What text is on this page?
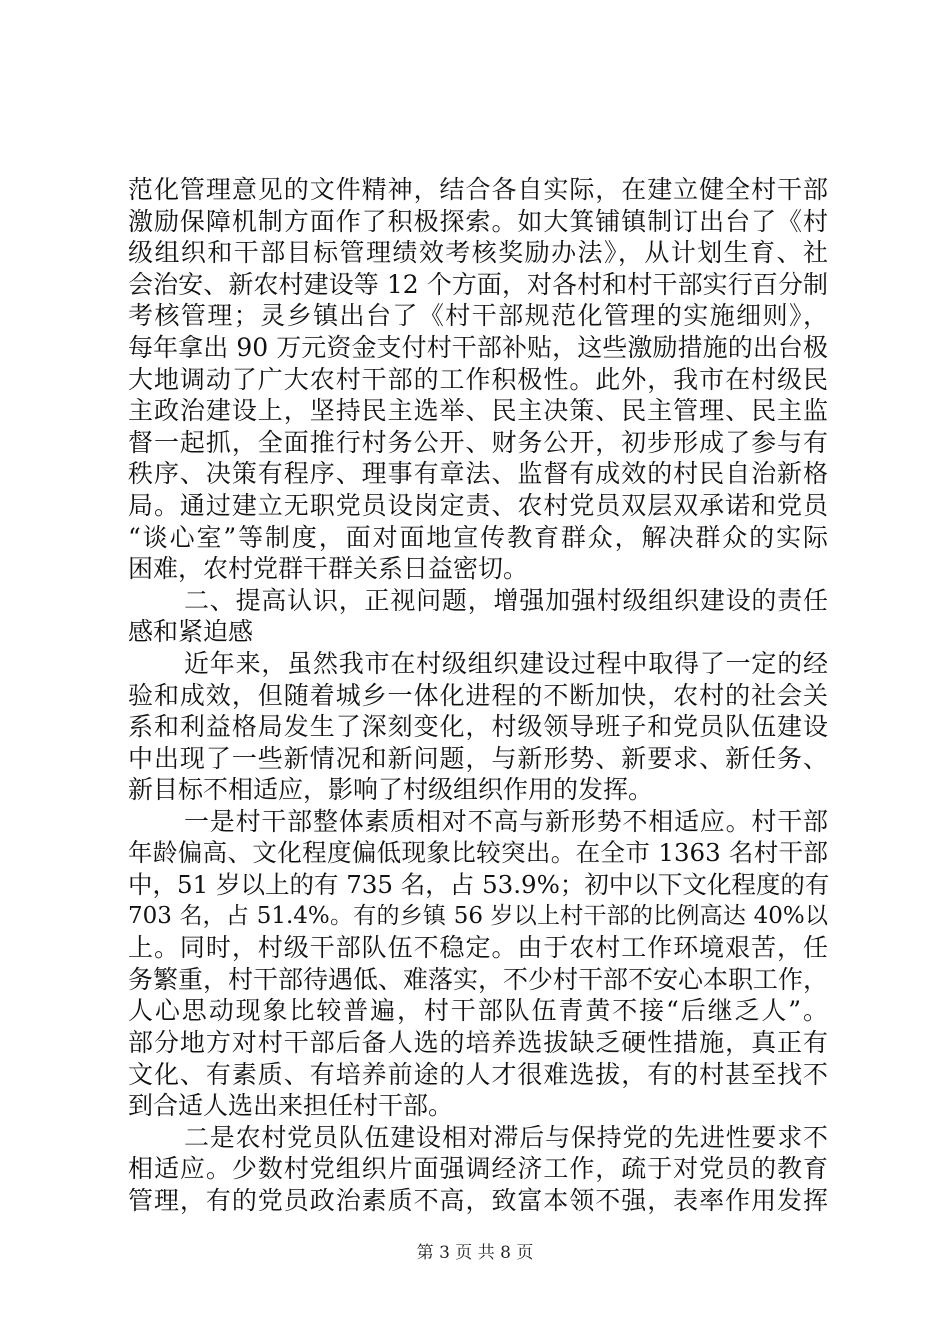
范化管理意见的文件精神，结合各自实际，在建立健全村干部
激励保障机制方面作了积极探索。如大箕铺镇制订出台了《村
级组织和干部目标管理绩效考核奖励办法》，从计划生育、社
会治安、新农村建设等 12 个方面，对各村和村干部实行百分制
考核管理；灵乡镇出台了《村干部规范化管理的实施细则》，
每年拿出 90 万元资金支付村干部补贴，这些激励措施的出台极
大地调动了广大农村干部的工作积极性。此外，我市在村级民
主政治建设上，坚持民主选举、民主决策、民主管理、民主监
督一起抓，全面推行村务公开、财务公开，初步形成了参与有
秩序、决策有程序、理事有章法、监督有成效的村民自治新格
局。通过建立无职党员设岗定责、农村党员双层双承诺和党员
“谈心室”等制度，面对面地宣传教育群众，解决群众的实际
困难，农村党群干群关系日益密切。
二、提高认识，正视问题，增强加强村级组织建设的责任
感和紧迫感
近年来，虽然我市在村级组织建设过程中取得了一定的经
验和成效，但随着城乡一体化进程的不断加快，农村的社会关
系和利益格局发生了深刻变化，村级领导班子和党员队伍建设
中出现了一些新情况和新问题，与新形势、新要求、新任务、
新目标不相适应，影响了村级组织作用的发挥。
一是村干部整体素质相对不高与新形势不相适应。村干部
年龄偏高、文化程度偏低现象比较突出。在全市 1363 名村干部
中，51 岁以上的有 735 名，占 53.9%；初中以下文化程度的有
703 名，占 51.4%。有的乡镇 56 岁以上村干部的比例高达 40%以
上。同时，村级干部队伍不稳定。由于农村工作环境艰苦，任
务繁重，村干部待遇低、难落实，不少村干部不安心本职工作，
人心思动现象比较普遍，村干部队伍青黄不接“后继乏人”。
部分地方对村干部后备人选的培养选拔缺乏硬性措施，真正有
文化、有素质、有培养前途的人才很难选拔，有的村甚至找不
到合适人选出来担任村干部。
二是农村党员队伍建设相对滞后与保持党的先进性要求不
相适应。少数村党组织片面强调经济工作，疏于对党员的教育
管理，有的党员政治素质不高，致富本领不强，表率作用发挥
第 3 页 共 8 页
